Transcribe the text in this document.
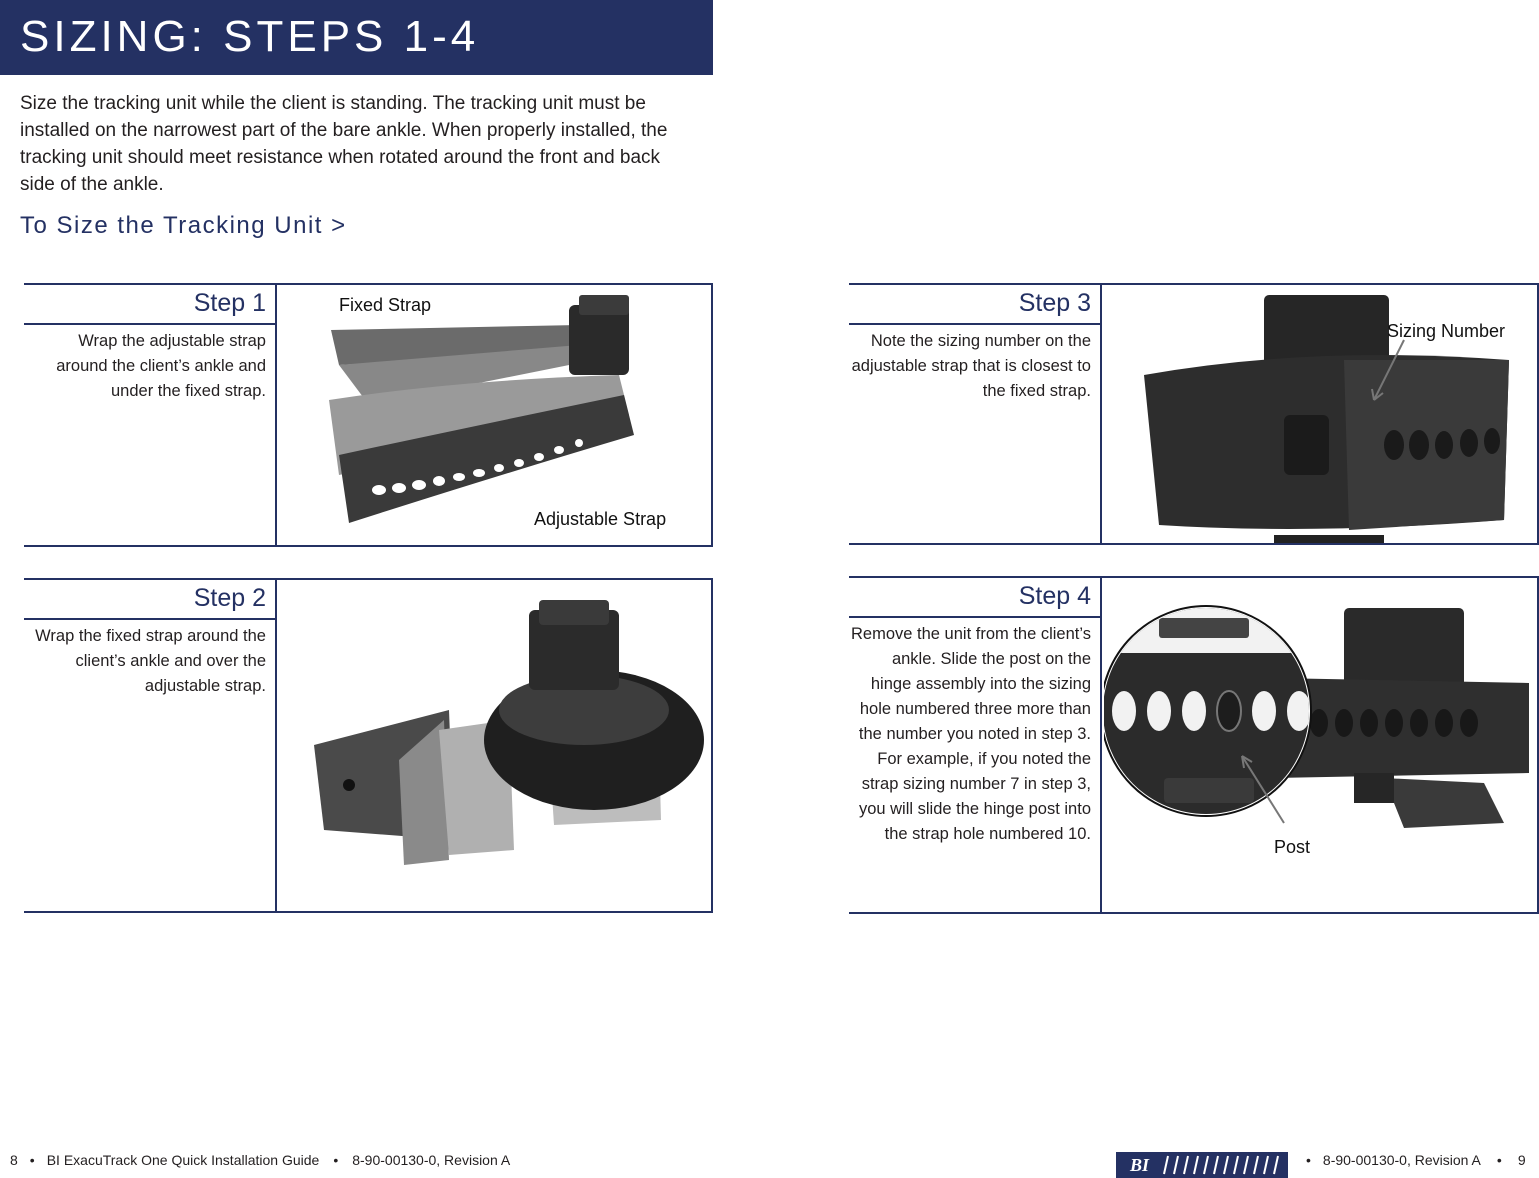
SIZING: STEPS 1-4

Size the tracking unit while the client is standing. The tracking unit must be installed on the narrowest part of the bare ankle. When properly installed, the tracking unit should meet resistance when rotated around the front and back side of the ankle.

To Size the Tracking Unit >
Step 1
Wrap the adjustable strap around the client’s ankle and under the fixed strap.
Fixed Strap
Adjustable Strap
Step 2
Wrap the fixed strap around the client’s ankle and over the adjustable strap.
Step 3
Note the sizing number on the adjustable strap that is closest to the fixed strap.
Sizing Number
Step 4
Remove the unit from the client’s ankle. Slide the post on the hinge assembly into the sizing hole numbered three more than the number you noted in step 3. For example, if you noted the strap sizing number 7 in step 3, you will slide the hinge post into the strap hole numbered 10.
Post
8 • BI ExacuTrack One Quick Installation Guide • 8-90-00130-0, Revision A	BI	• 8-90-00130-0, Revision A • 9
